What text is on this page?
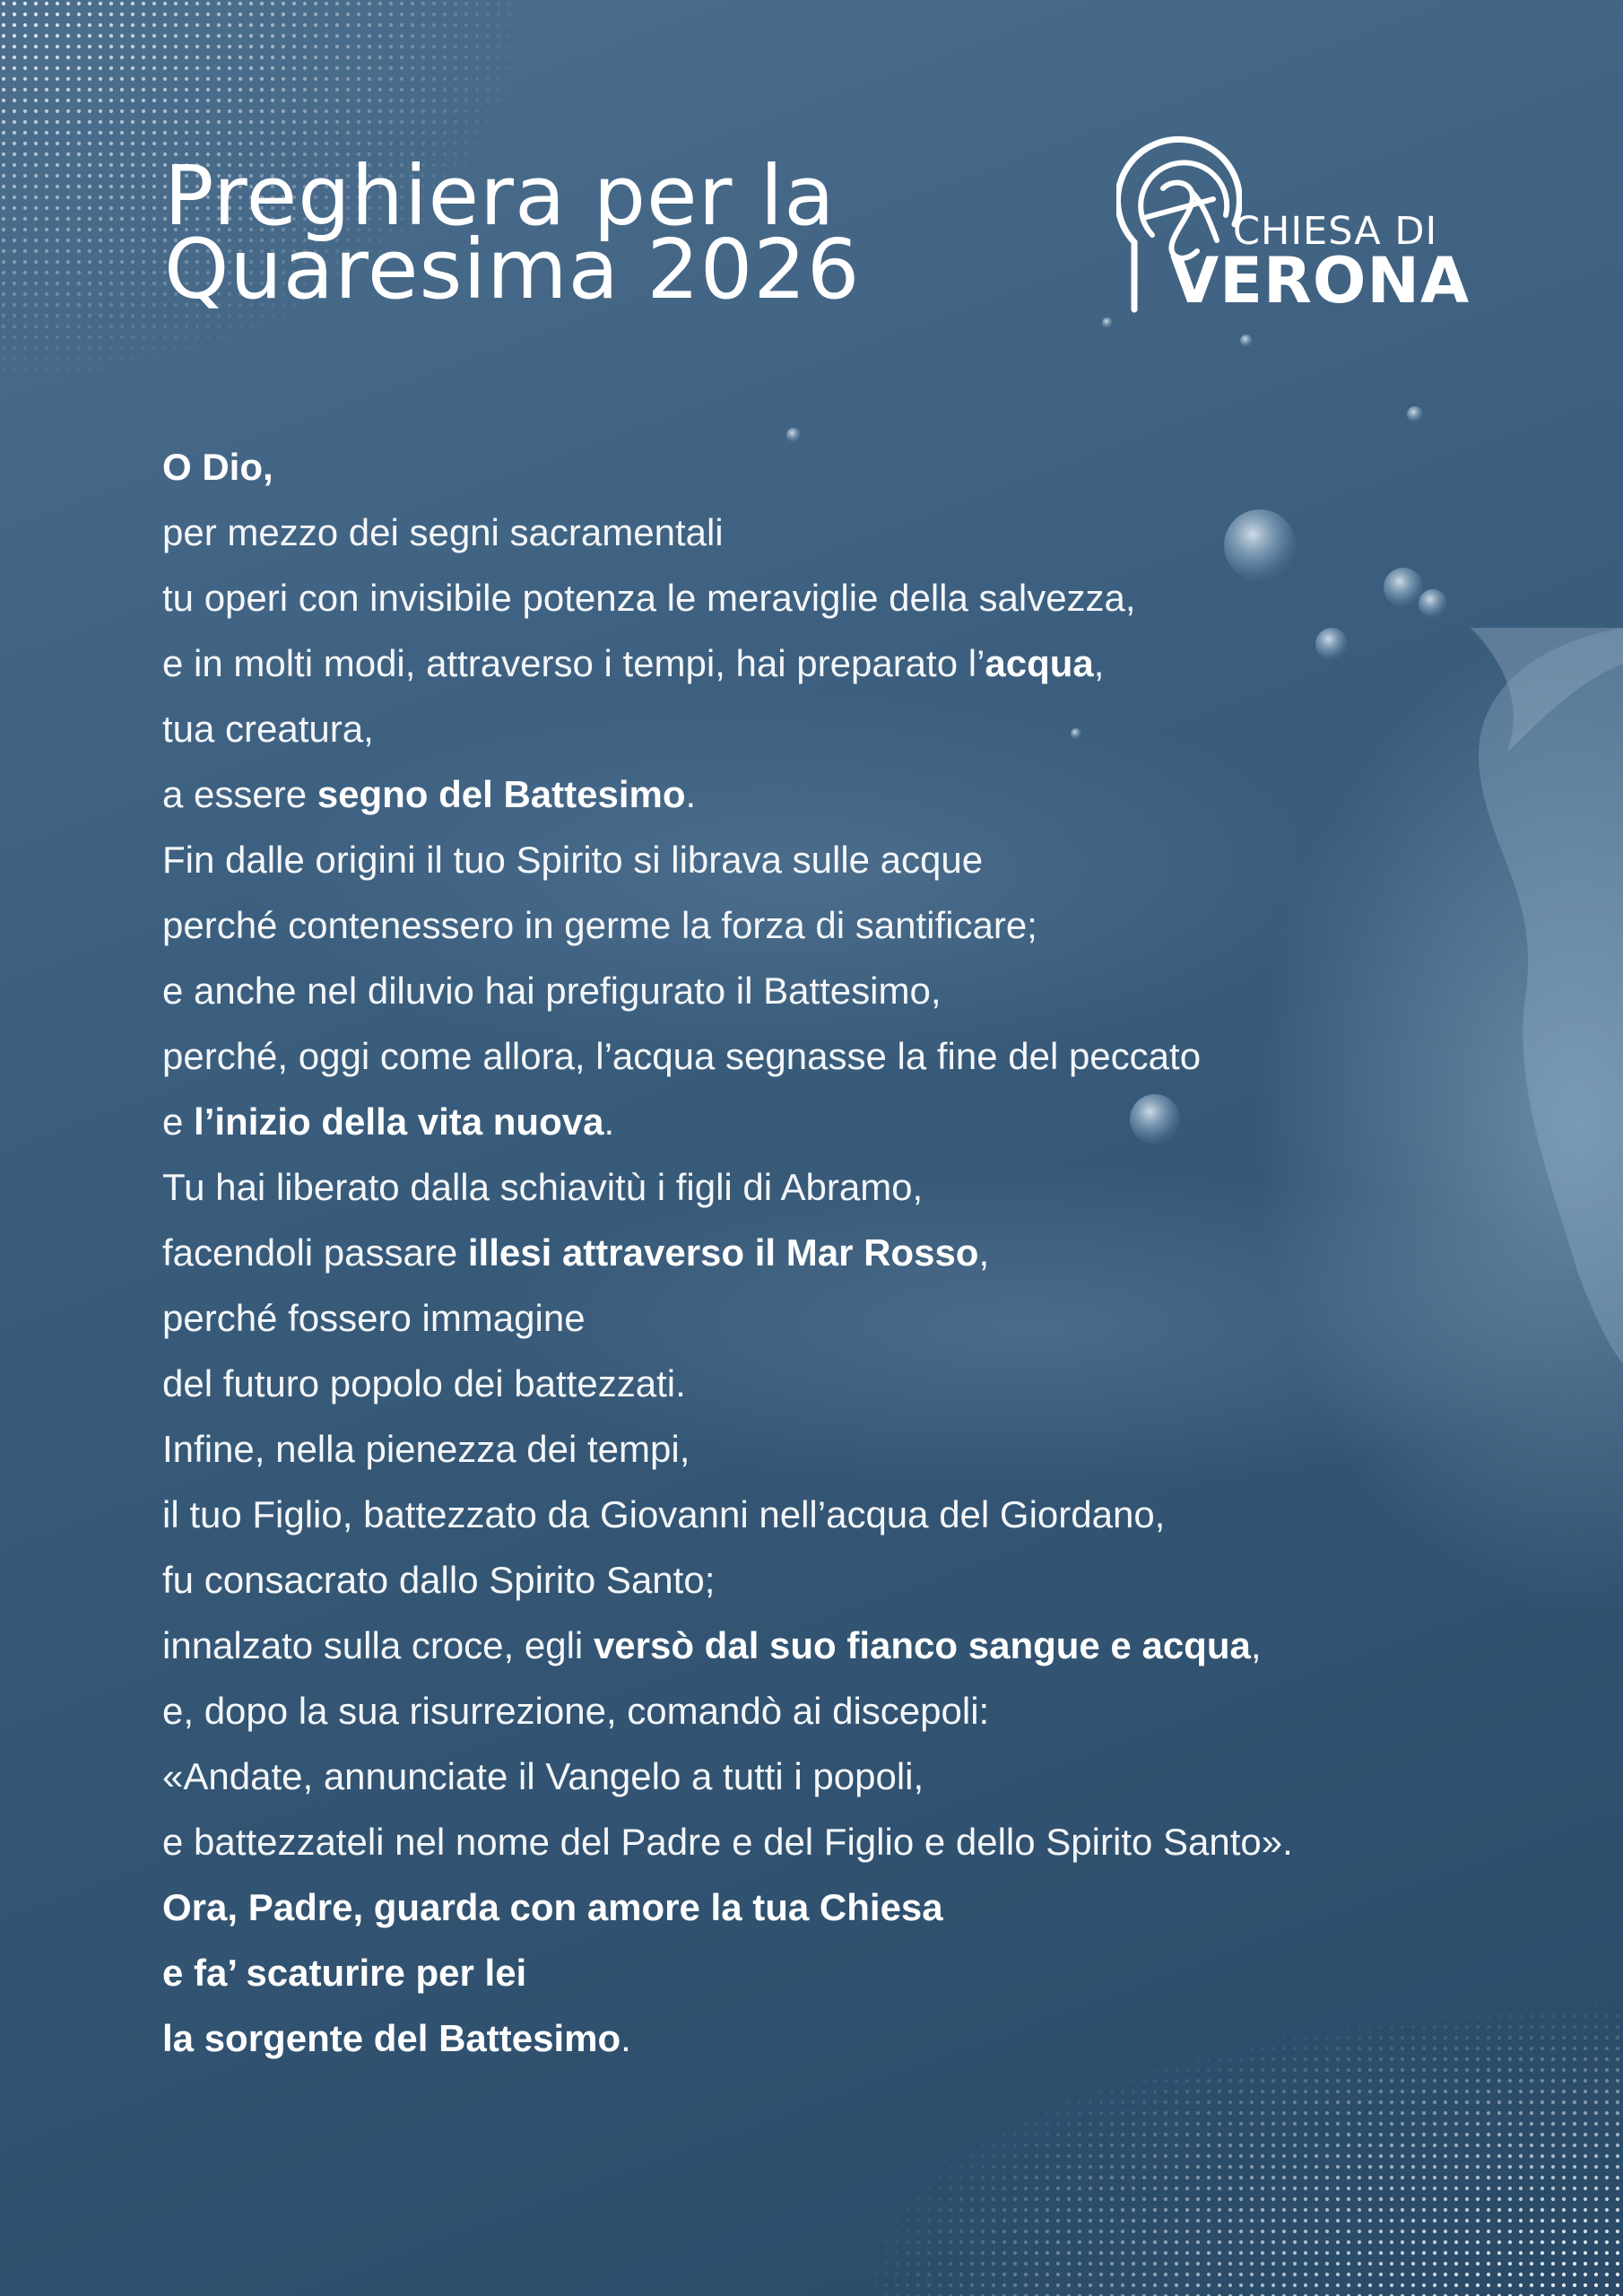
Preghiera per la
Quaresima 2026	CHIESA DI
VERONA
O Dio,
per mezzo dei segni sacramentali
tu operi con invisibile potenza le meraviglie della salvezza,
e in molti modi, attraverso i tempi, hai preparato l’acqua,
tua creatura,
a essere segno del Battesimo.
Fin dalle origini il tuo Spirito si librava sulle acque
perché contenessero in germe la forza di santificare;
e anche nel diluvio hai prefigurato il Battesimo,
perché, oggi come allora, l’acqua segnasse la fine del peccato
e l’inizio della vita nuova.
Tu hai liberato dalla schiavitù i figli di Abramo,
facendoli passare illesi attraverso il Mar Rosso,
perché fossero immagine
del futuro popolo dei battezzati.
Infine, nella pienezza dei tempi,
il tuo Figlio, battezzato da Giovanni nell’acqua del Giordano,
fu consacrato dallo Spirito Santo;
innalzato sulla croce, egli versò dal suo fianco sangue e acqua,
e, dopo la sua risurrezione, comandò ai discepoli:
«Andate, annunciate il Vangelo a tutti i popoli,
e battezzateli nel nome del Padre e del Figlio e dello Spirito Santo».
Ora, Padre, guarda con amore la tua Chiesa
e fa’ scaturire per lei
la sorgente del Battesimo.
